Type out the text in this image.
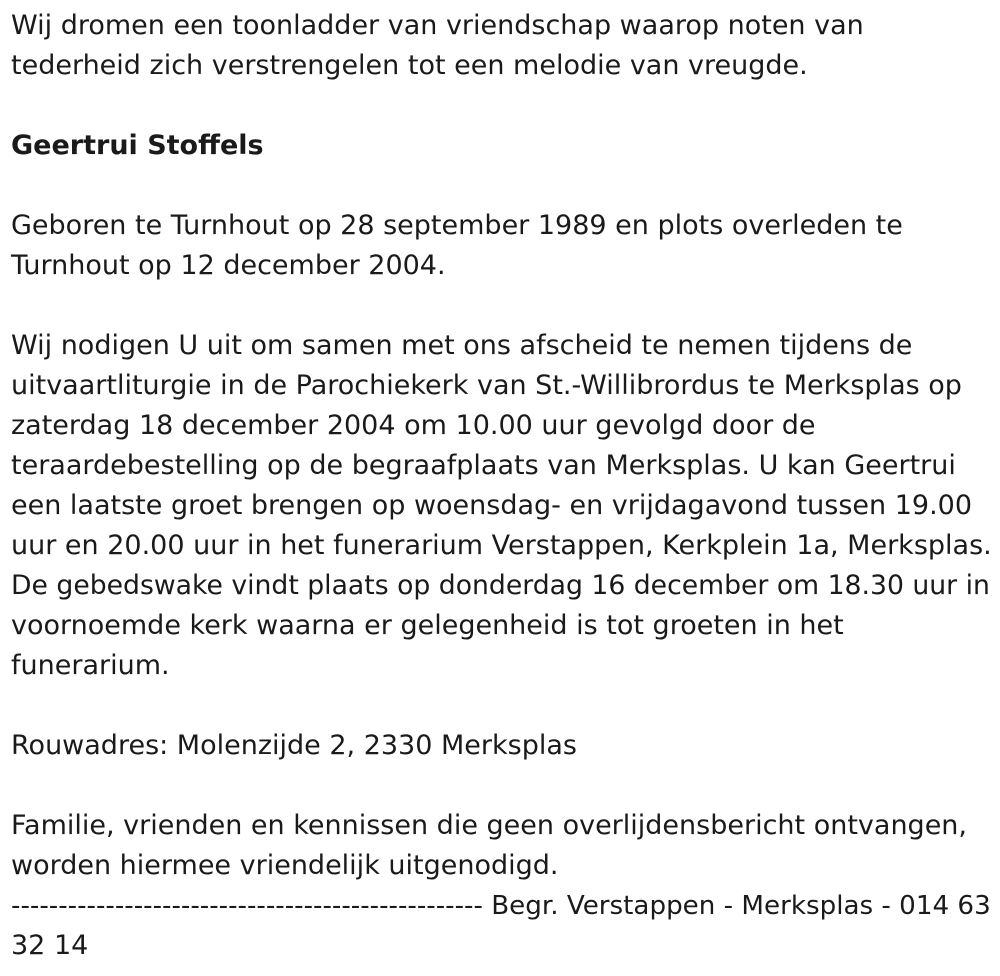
Wij dromen een toonladder van vriendschap waarop noten van
tederheid zich verstrengelen tot een melodie van vreugde.
Geertrui Stoffels
Geboren te Turnhout op 28 september 1989 en plots overleden te
Turnhout op 12 december 2004.
Wij nodigen U uit om samen met ons afscheid te nemen tijdens de
uitvaartliturgie in de Parochiekerk van St.-Willibrordus te Merksplas op
zaterdag 18 december 2004 om 10.00 uur gevolgd door de
teraardebestelling op de begraafplaats van Merksplas. U kan Geertrui
een laatste groet brengen op woensdag- en vrijdagavond tussen 19.00
uur en 20.00 uur in het funerarium Verstappen, Kerkplein 1a, Merksplas.
De gebedswake vindt plaats op donderdag 16 december om 18.30 uur in
voornoemde kerk waarna er gelegenheid is tot groeten in het
funerarium.
Rouwadres: Molenzijde 2, 2330 Merksplas
Familie, vrienden en kennissen die geen overlijdensbericht ontvangen,
worden hiermee vriendelijk uitgenodigd.
-------------------------------------------------- Begr. Verstappen - Merksplas - 014 63
32 14
